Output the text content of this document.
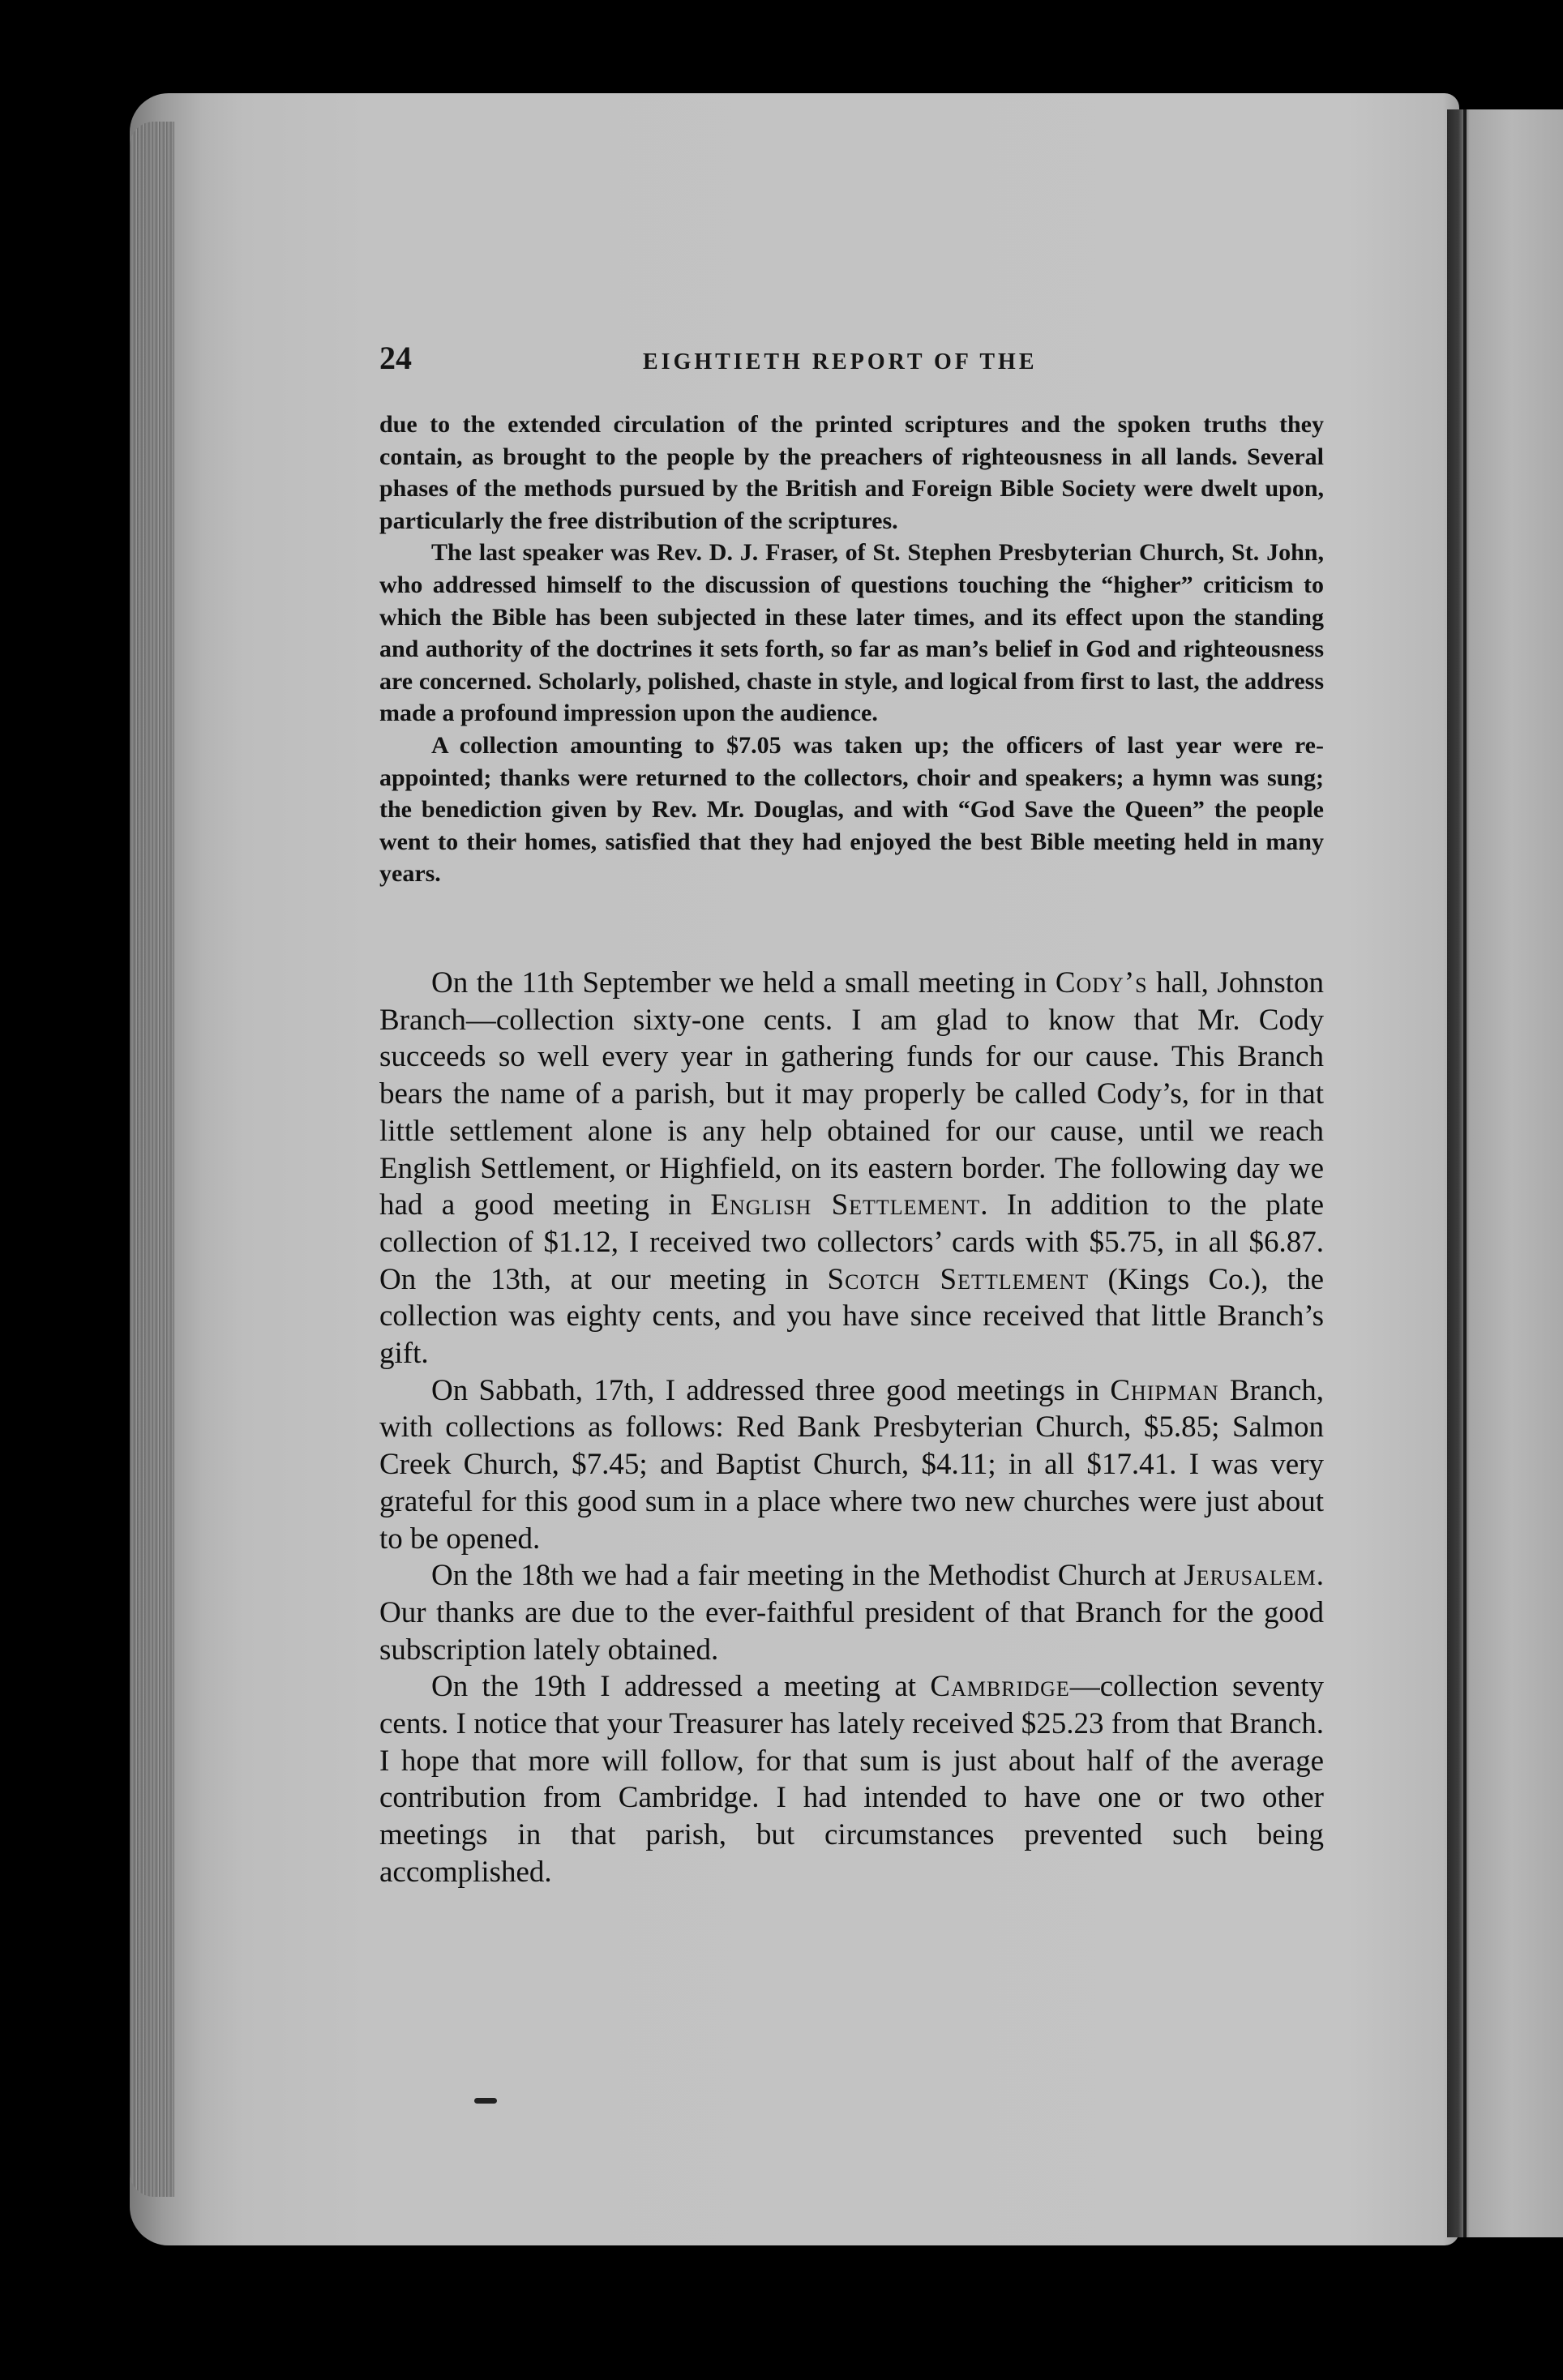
24	EIGHTIETH REPORT OF THE

due to the extended circulation of the printed scriptures and the spoken truths they contain, as brought to the people by the preachers of righteousness in all lands. Several phases of the methods pursued by the British and Foreign Bible Society were dwelt upon, particularly the free distribution of the scriptures.

The last speaker was Rev. D. J. Fraser, of St. Stephen Presbyterian Church, St. John, who addressed himself to the discussion of questions touching the “higher” criticism to which the Bible has been subjected in these later times, and its effect upon the standing and authority of the doctrines it sets forth, so far as man’s belief in God and righteousness are concerned. Scholarly, polished, chaste in style, and logical from first to last, the address made a profound impression upon the audience.

A collection amounting to $7.05 was taken up; the officers of last year were re-appointed; thanks were returned to the collectors, choir and speakers; a hymn was sung; the benediction given by Rev. Mr. Douglas, and with “God Save the Queen” the people went to their homes, satisfied that they had enjoyed the best Bible meeting held in many years.

On the 11th September we held a small meeting in Cody’s hall, Johnston Branch—collection sixty-one cents. I am glad to know that Mr. Cody succeeds so well every year in gathering funds for our cause. This Branch bears the name of a parish, but it may properly be called Cody’s, for in that little settlement alone is any help obtained for our cause, until we reach English Settlement, or Highfield, on its eastern border. The following day we had a good meeting in English Settlement. In addition to the plate collection of $1.12, I received two collectors’ cards with $5.75, in all $6.87. On the 13th, at our meeting in Scotch Settlement (Kings Co.), the collection was eighty cents, and you have since received that little Branch’s gift.

On Sabbath, 17th, I addressed three good meetings in Chipman Branch, with collections as follows: Red Bank Presbyterian Church, $5.85; Salmon Creek Church, $7.45; and Baptist Church, $4.11; in all $17.41. I was very grateful for this good sum in a place where two new churches were just about to be opened.

On the 18th we had a fair meeting in the Methodist Church at Jerusalem. Our thanks are due to the ever-faithful president of that Branch for the good subscription lately obtained.

On the 19th I addressed a meeting at Cambridge—collection seventy cents. I notice that your Treasurer has lately received $25.23 from that Branch. I hope that more will follow, for that sum is just about half of the average contribution from Cambridge. I had intended to have one or two other meetings in that parish, but circumstances prevented such being accomplished.
